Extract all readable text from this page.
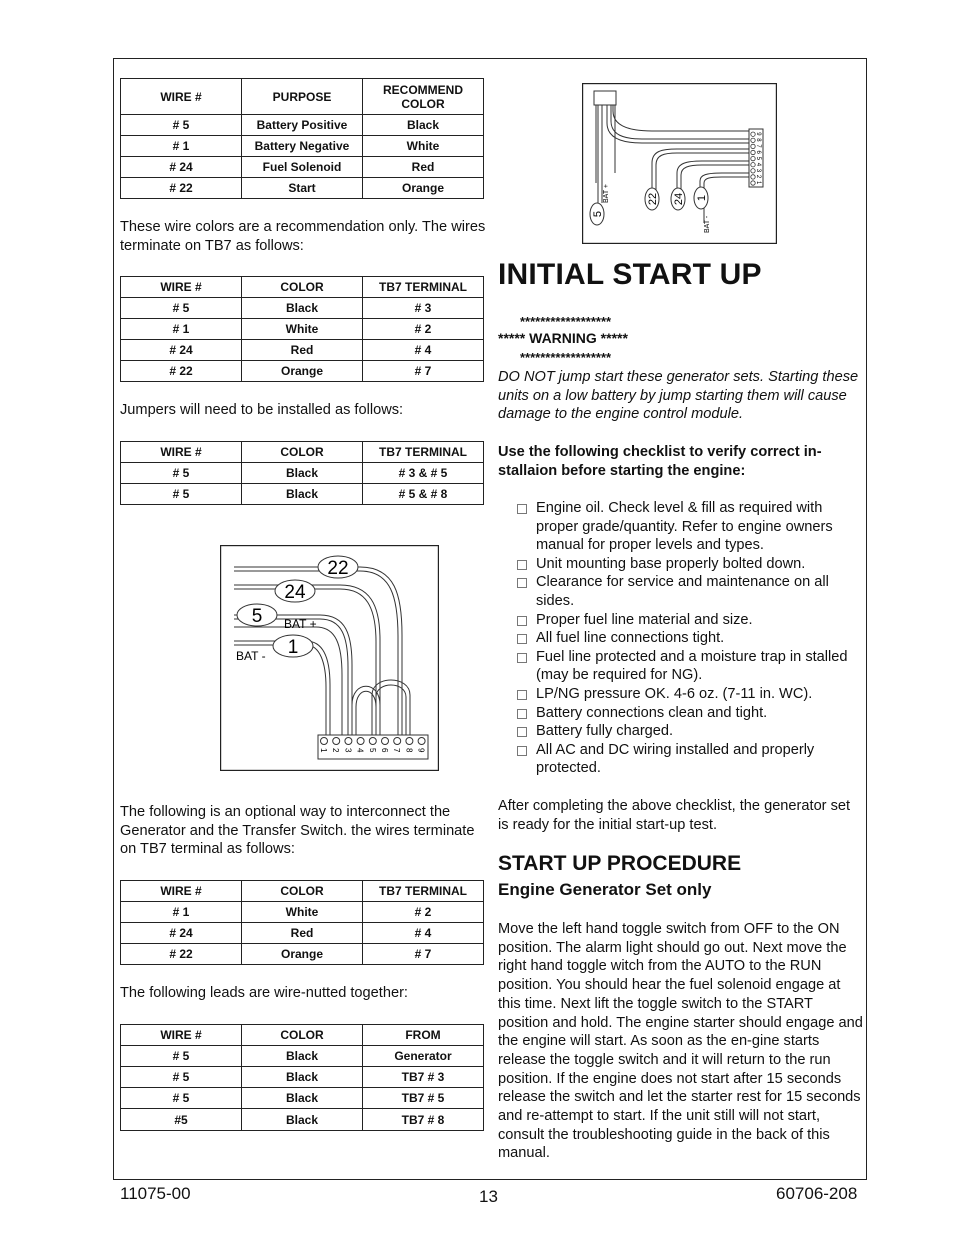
WIRE #	PURPOSE	RECOMMEND COLOR
# 5	Battery Positive	Black
# 1	Battery Negative	White
# 24	Fuel Solenoid	Red
# 22	Start	Orange
These wire colors are a recommendation only. The wires terminate on TB7 as follows:
WIRE #	COLOR	TB7 TERMINAL
# 5	Black	# 3
# 1	White	# 2
# 24	Red	# 4
# 22	Orange	# 7
Jumpers will need to be installed as follows:
WIRE #	COLOR	TB7 TERMINAL
# 5	Black	# 3 & # 5
# 5	Black	# 5 & # 8
22
24
5
1
BAT +
BAT -
1 2 3 4 5 6 7 8 9
The following is an optional way to interconnect the Generator and the Transfer Switch. the wires terminate on TB7 terminal as follows:
WIRE #	COLOR	TB7 TERMINAL
# 1	White	# 2
# 24	Red	# 4
# 22	Orange	# 7
The following leads are wire-nutted together:
WIRE #	COLOR	FROM
# 5	Black	Generator
# 5	Black	TB7 # 3
# 5	Black	TB7 # 5
#5	Black	TB7 # 8
5
22 24 1
BAT +
BAT -
1
2
3
4
5
6
7
8
9
INITIAL START UP
******************
***** WARNING *****
******************
DO NOT jump start these generator sets. Starting these units on a low battery by jump starting them will cause damage to the engine control module.
Use the following checklist to verify correct in-stallaion before starting the engine:
Engine oil. Check level & fill as required with proper grade/quantity. Refer to engine owners manual for proper levels and types.
Unit mounting base properly bolted down.
Clearance for service and maintenance on all sides.
Proper fuel line material and size.
All fuel line connections tight.
Fuel line protected and a moisture trap in stalled (may be required for NG).
LP/NG pressure OK. 4-6 oz. (7-11 in. WC).
Battery connections clean and tight.
Battery fully charged.
All AC and DC wiring installed and properly protected.
After completing the above checklist, the generator set is ready for the initial start-up test.
START UP PROCEDURE
Engine Generator Set only
Move the left hand toggle switch from OFF to the ON position. The alarm light should go out. Next move the right hand toggle witch from the AUTO to the RUN position. You should hear the fuel solenoid engage at this time. Next lift the toggle switch to the START position and hold. The engine starter should engage and the engine will start. As soon as the en-gine starts release the toggle switch and it will return to the run position. If the engine does not start after 15 seconds release the switch and let the starter rest for 15 seconds and re-attempt to start. If the unit still will not start, consult the troubleshooting guide in the back of this manual.
11075-00	13	60706-208
